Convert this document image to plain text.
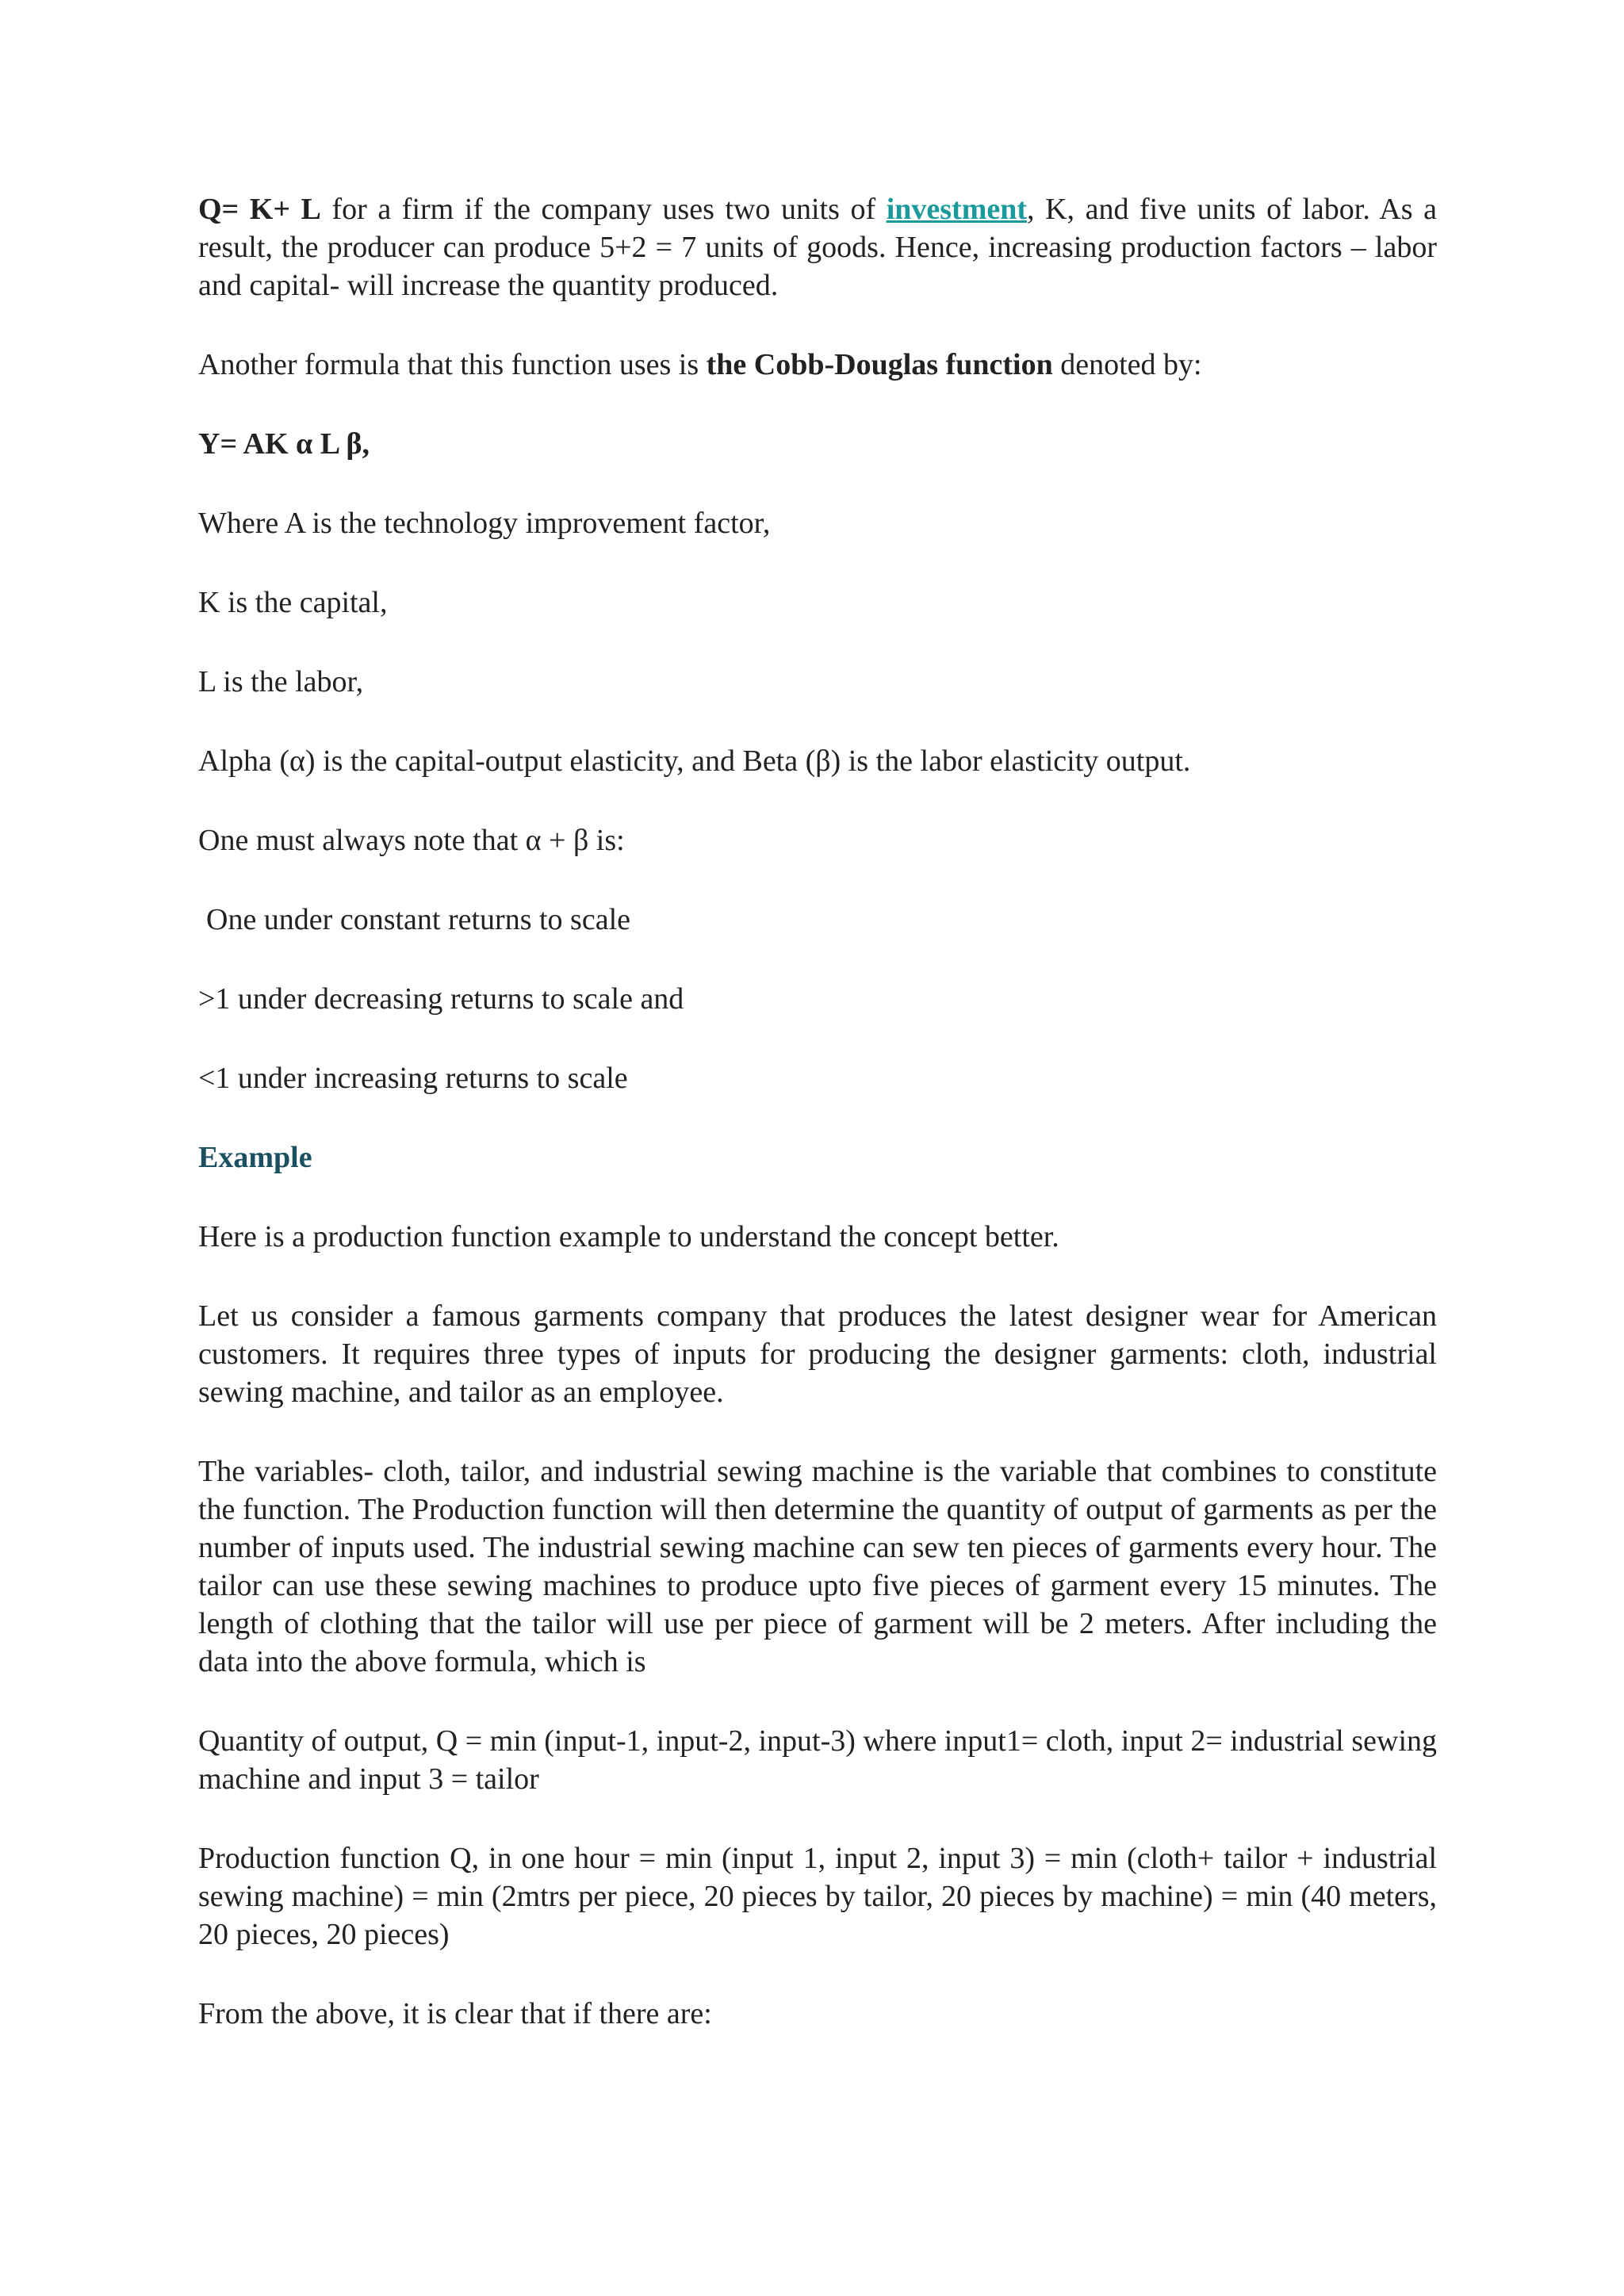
Q= K+ L for a firm if the company uses two units of investment, K, and five units of labor. As a result, the producer can produce 5+2 = 7 units of goods. Hence, increasing production factors – labor and capital- will increase the quantity produced.

Another formula that this function uses is the Cobb-Douglas function denoted by:

Y= AK α L β,

Where A is the technology improvement factor,

K is the capital,

L is the labor,

Alpha (α) is the capital-output elasticity, and Beta (β) is the labor elasticity output.

One must always note that α + β is:

One under constant returns to scale

>1 under decreasing returns to scale and

<1 under increasing returns to scale

Example

Here is a production function example to understand the concept better.

Let us consider a famous garments company that produces the latest designer wear for American customers. It requires three types of inputs for producing the designer garments: cloth, industrial sewing machine, and tailor as an employee.

The variables- cloth, tailor, and industrial sewing machine is the variable that combines to constitute the function. The Production function will then determine the quantity of output of garments as per the number of inputs used. The industrial sewing machine can sew ten pieces of garments every hour. The tailor can use these sewing machines to produce upto five pieces of garment every 15 minutes. The length of clothing that the tailor will use per piece of garment will be 2 meters. After including the data into the above formula, which is

Quantity of output, Q = min (input-1, input-2, input-3) where input1= cloth, input 2= industrial sewing machine and input 3 = tailor

Production function Q, in one hour = min (input 1, input 2, input 3) = min (cloth+ tailor + industrial sewing machine) = min (2mtrs per piece, 20 pieces by tailor, 20 pieces by machine) = min (40 meters, 20 pieces, 20 pieces)

From the above, it is clear that if there are:
